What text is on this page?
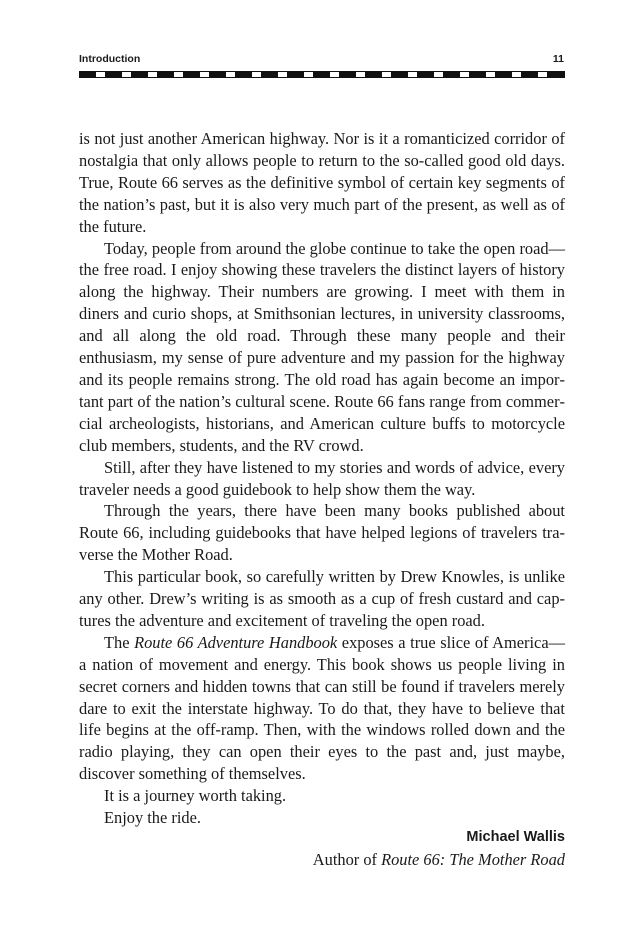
Introduction	11

is not just another American highway. Nor is it a romanticized corridor of nostalgia that only allows people to return to the so-called good old days. True, Route 66 serves as the definitive symbol of certain key segments of the nation’s past, but it is also very much part of the present, as well as of the future.

Today, people from around the globe continue to take the open road—the free road. I enjoy showing these travelers the distinct layers of history along the highway. Their numbers are growing. I meet with them in diners and curio shops, at Smithsonian lectures, in university classrooms, and all along the old road. Through these many people and their enthusiasm, my sense of pure adventure and my passion for the highway and its people remains strong. The old road has again become an important part of the nation’s cultural scene. Route 66 fans range from commercial archeologists, historians, and American culture buffs to motorcycle club members, students, and the RV crowd.

Still, after they have listened to my stories and words of advice, every traveler needs a good guidebook to help show them the way.

Through the years, there have been many books published about Route 66, including guidebooks that have helped legions of travelers traverse the Mother Road.

This particular book, so carefully written by Drew Knowles, is unlike any other. Drew’s writing is as smooth as a cup of fresh custard and captures the adventure and excitement of traveling the open road.

The Route 66 Adventure Handbook exposes a true slice of America—a nation of movement and energy. This book shows us people living in secret corners and hidden towns that can still be found if travelers merely dare to exit the interstate highway. To do that, they have to believe that life begins at the off-ramp. Then, with the windows rolled down and the radio playing, they can open their eyes to the past and, just maybe, discover something of themselves.

It is a journey worth taking.

Enjoy the ride.

Michael Wallis
Author of Route 66: The Mother Road
